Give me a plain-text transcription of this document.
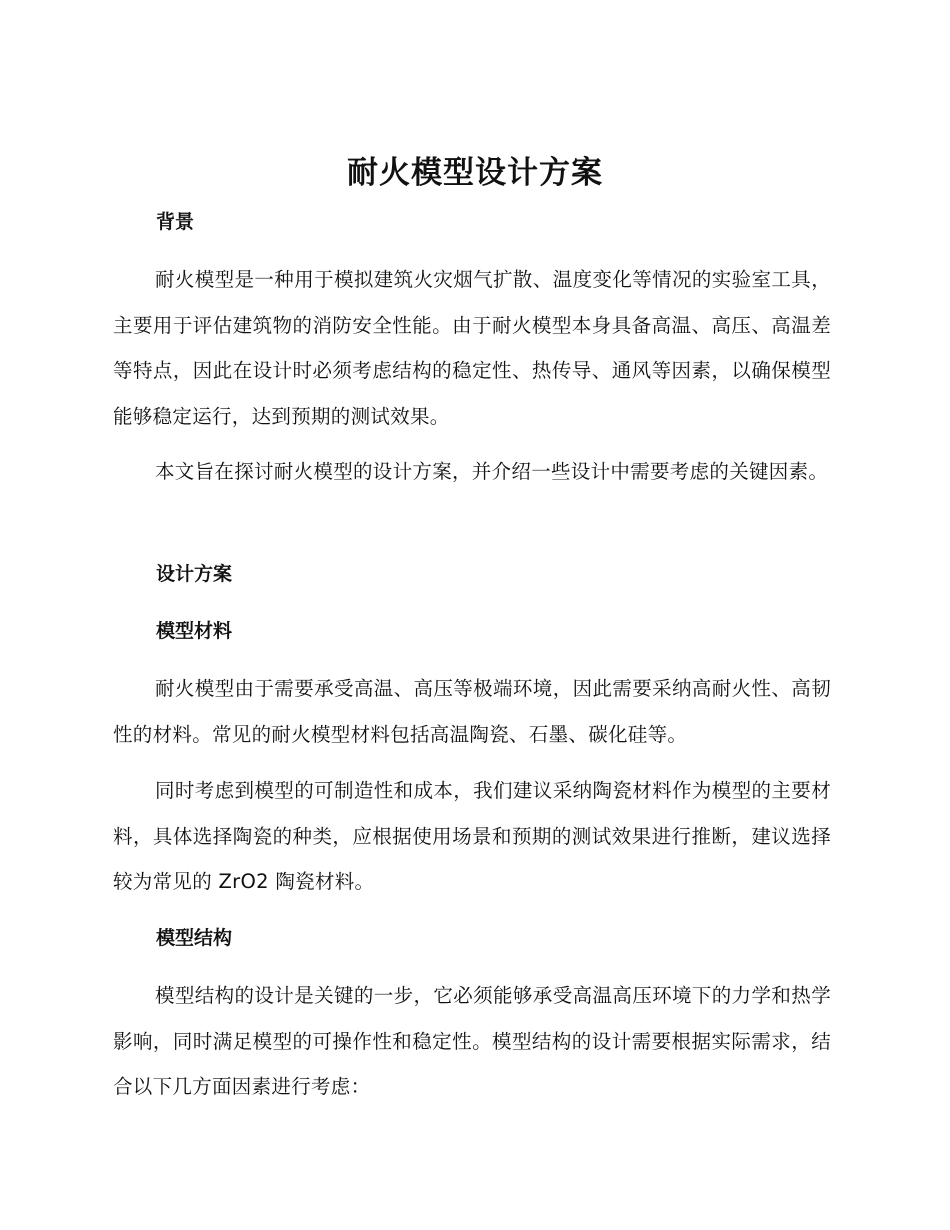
耐火模型设计方案
背景

耐火模型是一种用于模拟建筑火灾烟气扩散、温度变化等情况的实验室工具，主要用于评估建筑物的消防安全性能。由于耐火模型本身具备高温、高压、高温差等特点，因此在设计时必须考虑结构的稳定性、热传导、通风等因素，以确保模型能够稳定运行，达到预期的测试效果。

本文旨在探讨耐火模型的设计方案，并介绍一些设计中需要考虑的关键因素。

设计方案
模型材料

耐火模型由于需要承受高温、高压等极端环境，因此需要采纳高耐火性、高韧性的材料。常见的耐火模型材料包括高温陶瓷、石墨、碳化硅等。

同时考虑到模型的可制造性和成本，我们建议采纳陶瓷材料作为模型的主要材料，具体选择陶瓷的种类，应根据使用场景和预期的测试效果进行推断，建议选择较为常见的 ZrO2 陶瓷材料。

模型结构

模型结构的设计是关键的一步，它必须能够承受高温高压环境下的力学和热学影响，同时满足模型的可操作性和稳定性。模型结构的设计需要根据实际需求，结合以下几方面因素进行考虑：
